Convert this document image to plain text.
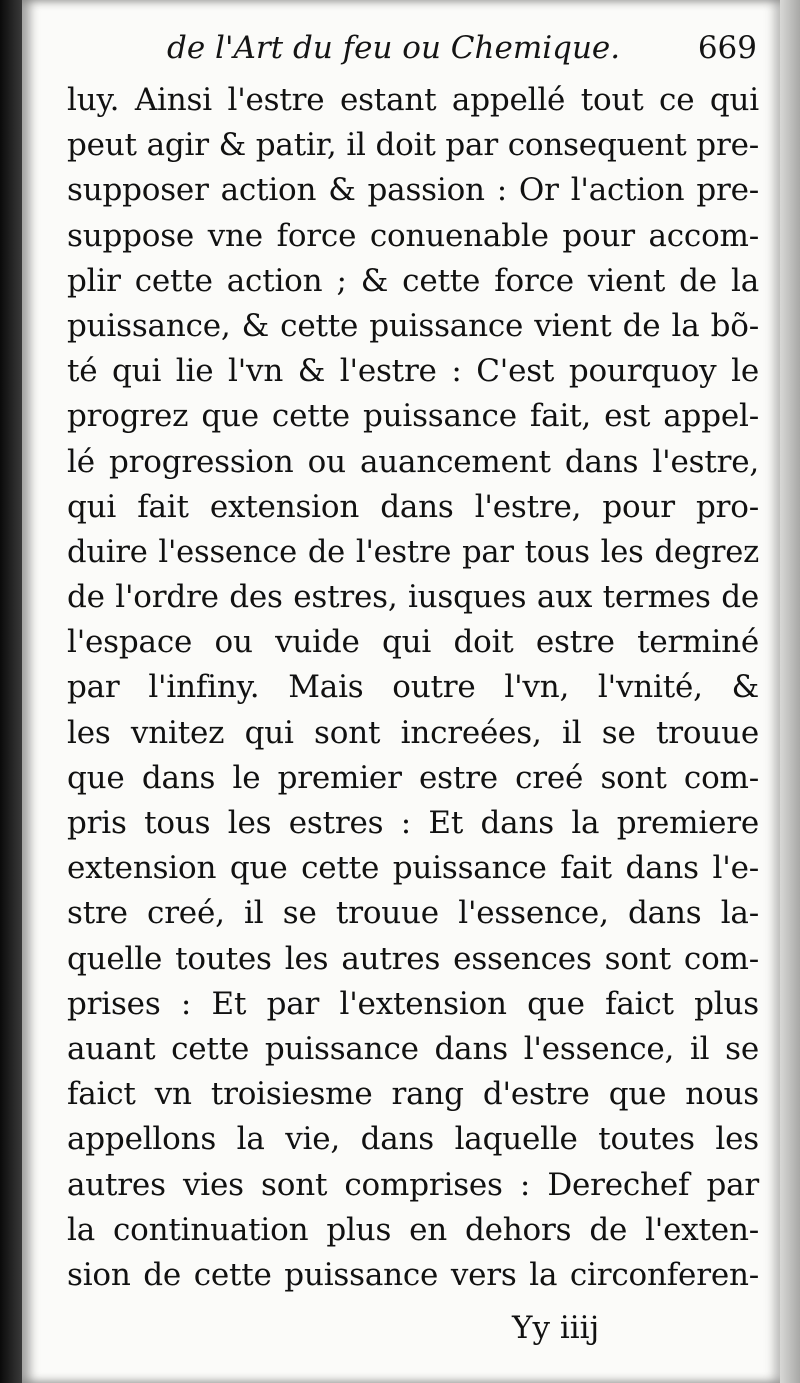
de l'Art du feu ou Chemique.	669
luy. Ainsi l'estre estant appellé tout ce qui
peut agir & patir, il doit par consequent pre-
supposer action & passion : Or l'action pre-
suppose vne force conuenable pour accom-
plir cette action ; & cette force vient de la
puissance, & cette puissance vient de la bõ-
té qui lie l'vn & l'estre : C'est pourquoy le
progrez que cette puissance fait, est appel-
lé progression ou auancement dans l'estre,
qui fait extension dans l'estre, pour pro-
duire l'essence de l'estre par tous les degrez
de l'ordre des estres, iusques aux termes de
l'espace ou vuide qui doit estre terminé
par l'infiny. Mais outre l'vn, l'vnité, &
les vnitez qui sont increées, il se trouue
que dans le premier estre creé sont com-
pris tous les estres : Et dans la premiere
extension que cette puissance fait dans l'e-
stre creé, il se trouue l'essence, dans la-
quelle toutes les autres essences sont com-
prises : Et par l'extension que faict plus
auant cette puissance dans l'essence, il se
faict vn troisiesme rang d'estre que nous
appellons la vie, dans laquelle toutes les
autres vies sont comprises : Derechef par
la continuation plus en dehors de l'exten-
sion de cette puissance vers la circonferen-
Yy iiij
